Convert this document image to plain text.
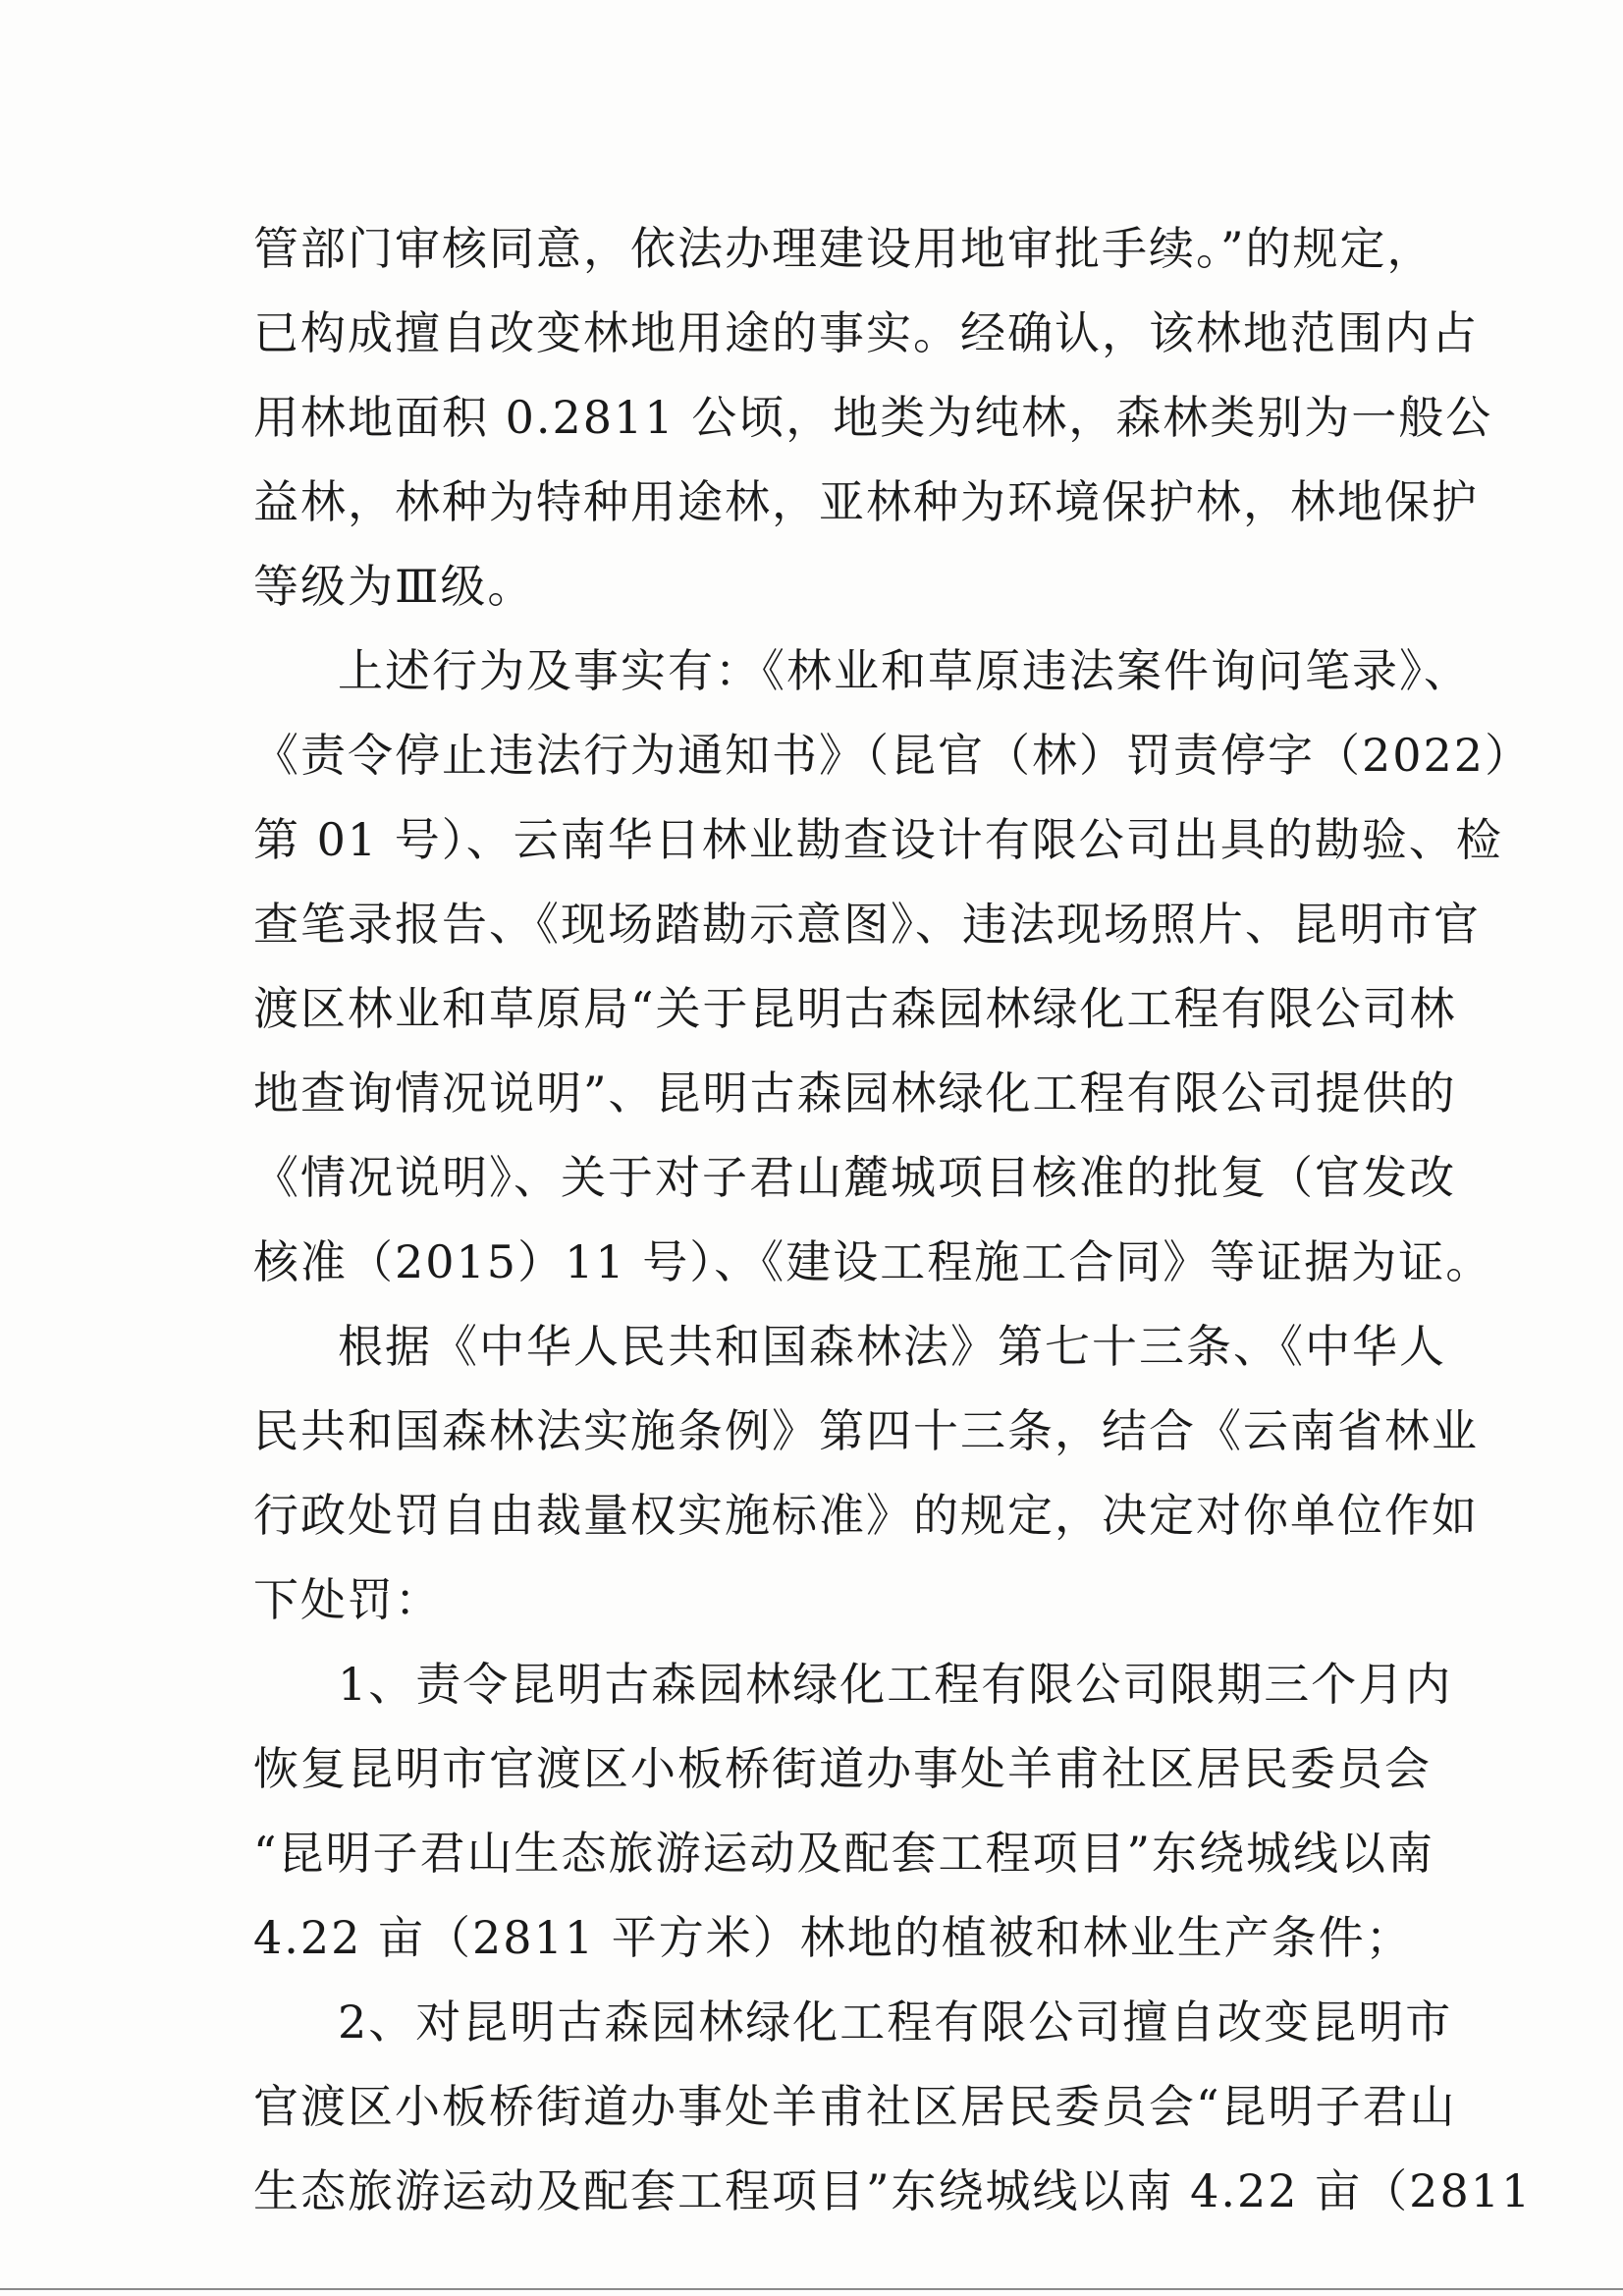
管部门审核同意，依法办理建设用地审批手续。”的规定，
已构成擅自改变林地用途的事实。经确认，该林地范围内占
用林地面积 0.2811 公顷，地类为纯林，森林类别为一般公
益林，林种为特种用途林，亚林种为环境保护林，林地保护
等级为Ⅲ级。
上述行为及事实有：《林业和草原违法案件询问笔录》、
《责令停止违法行为通知书》（昆官（林）罚责停字（2022）
第 01 号）、云南华日林业勘查设计有限公司出具的勘验、检
查笔录报告、《现场踏勘示意图》、违法现场照片、昆明市官
渡区林业和草原局“关于昆明古森园林绿化工程有限公司林
地查询情况说明”、昆明古森园林绿化工程有限公司提供的
《情况说明》、关于对子君山麓城项目核准的批复（官发改
核准（2015）11 号）、《建设工程施工合同》等证据为证。
根据《中华人民共和国森林法》第七十三条、《中华人
民共和国森林法实施条例》第四十三条，结合《云南省林业
行政处罚自由裁量权实施标准》的规定，决定对你单位作如
下处罚：
1、责令昆明古森园林绿化工程有限公司限期三个月内
恢复昆明市官渡区小板桥街道办事处羊甫社区居民委员会
“昆明子君山生态旅游运动及配套工程项目”东绕城线以南
4.22 亩（2811 平方米）林地的植被和林业生产条件；
2、对昆明古森园林绿化工程有限公司擅自改变昆明市
官渡区小板桥街道办事处羊甫社区居民委员会“昆明子君山
生态旅游运动及配套工程项目”东绕城线以南 4.22 亩（2811
